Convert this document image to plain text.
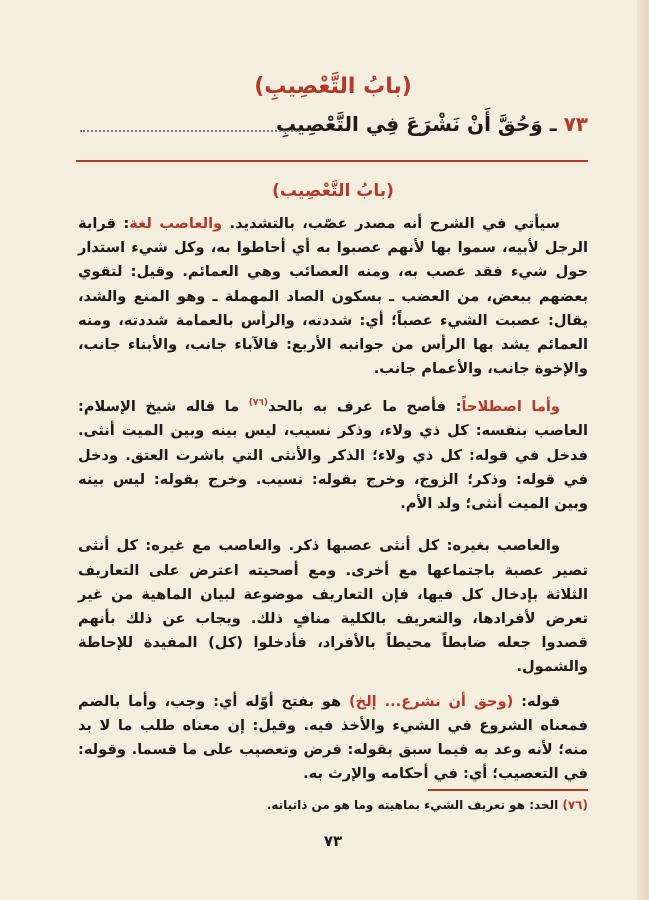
(بابُ التَّعْصِيبِ)
٧٣ ـ وَحُقَّ أَنْ نَشْرَعَ فِي التَّعْصِيبِ
(بابُ التَّعْصِيب)

سيأتي في الشرح أنه مصدر عصّب، بالتشديد. والعاصب لغة: قرابة الرجل لأبيه، سموا بها لأنهم عصبوا به أي أحاطوا به، وكل شيء استدار حول شيء فقد عصب به، ومنه العصائب وهي العمائم. وقيل: لتقوي بعضهم ببعض، من العضب ـ بسكون الصاد المهملة ـ وهو المنع والشد، يقال: عصبت الشيء عصباً؛ أي: شددته، والرأس بالعمامة شددته، ومنه العمائم يشد بها الرأس من جوانبه الأربع: فالآباء جانب، والأبناء جانب، والإخوة جانب، والأعمام جانب.

وأما اصطلاحاً: فأصح ما عرف به بالحد$^{(٧٦)}$ ما قاله شيخ الإسلام: العاصب بنفسه: كل ذي ولاء، وذكر نسيب، ليس بينه وبين الميت أنثى. فدخل في قوله: كل ذي ولاء؛ الذكر والأنثى التي باشرت العتق. ودخل في قوله: وذكر؛ الزوج، وخرج بقوله: نسيب. وخرج بقوله: ليس بينه وبين الميت أنثى؛ ولد الأم.

والعاصب بغيره: كل أنثى عصبها ذكر. والعاصب مع غيره: كل أنثى تصير عصبة باجتماعها مع أخرى. ومع أصحيته اعترض على التعاريف الثلاثة بإدخال كل فيها، فإن التعاريف موضوعة لبيان الماهية من غير تعرض لأفرادها، والتعريف بالكلية منافٍ ذلك. ويجاب عن ذلك بأنهم قصدوا جعله ضابطاً محيطاً بالأفراد، فأدخلوا (كل) المفيدة للإحاطة والشمول.

قوله: (وحق أن نشرع... إلخ) هو بفتح أوّله أي: وجب، وأما بالضم فمعناه الشروع في الشيء والأخذ فيه. وقيل: إن معناه طلب ما لا بد منه؛ لأنه وعد به فيما سبق بقوله: فرض وتعصيب على ما قسما. وقوله: في التعصيب؛ أي: في أحكامه والإرث به.

(٧٦) الحد: هو تعريف الشيء بماهيته وما هو من ذاتياته.
٧٣
